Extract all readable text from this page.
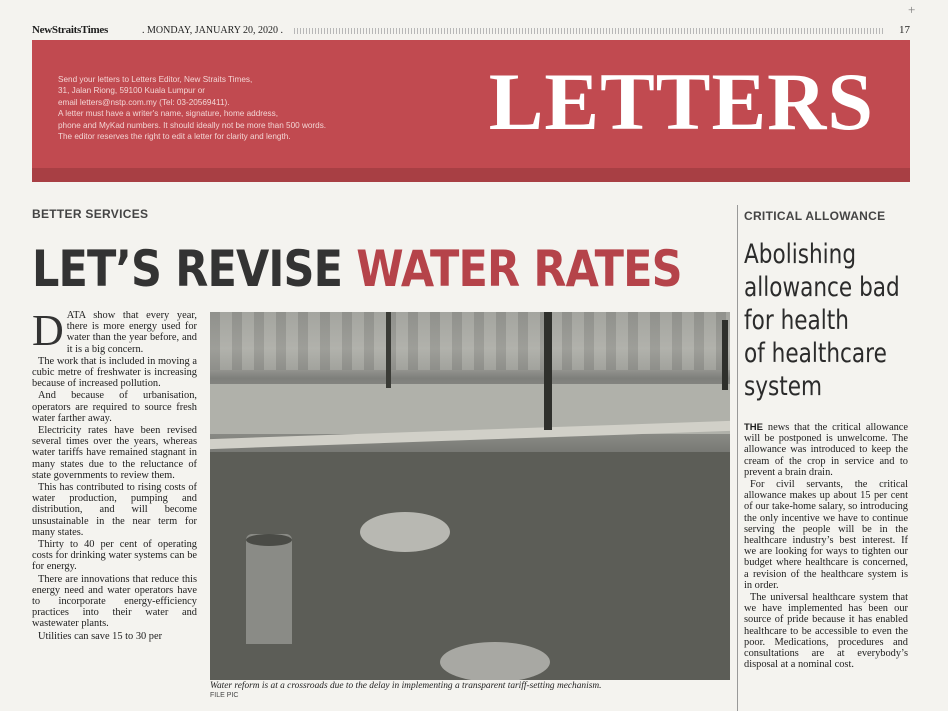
NewStraitsTimes	. MONDAY, JANUARY 20, 2020 .	17
+
Send your letters to Letters Editor, New Straits Times,
31, Jalan Riong, 59100 Kuala Lumpur or
email letters@nstp.com.my (Tel: 03-20569411).
A letter must have a writer's name, signature, home address,
phone and MyKad numbers. It should ideally not be more than 500 words.
The editor reserves the right to edit a letter for clarity and length.	LETTERS
BETTER SERVICES
LET’S REVISE WATER RATES

DATA show that every year, there is more energy used for water than the year before, and it is a big concern.

The work that is included in moving a cubic metre of freshwater is increasing because of increased pollution.

And because of urbanisation, operators are required to source fresh water farther away.

Electricity rates have been revised several times over the years, whereas water tariffs have remained stagnant in many states due to the reluctance of state governments to review them.

This has contributed to rising costs of water production, pumping and distribution, and will become unsustainable in the near term for many states.

Thirty to 40 per cent of operating costs for drinking water systems can be for energy.

There are innovations that reduce this energy need and water operators have to incorporate energy-efficiency practices into their water and wastewater plants.

Utilities can save 15 to 30 per

Water reform is at a crossroads due to the delay in implementing a transparent tariff-setting mechanism.
FILE PIC
CRITICAL ALLOWANCE
Abolishing
allowance bad
for health
of healthcare
system

THE news that the critical allowance will be postponed is unwelcome. The allowance was introduced to keep the cream of the crop in service and to prevent a brain drain.

For civil servants, the critical allowance makes up about 15 per cent of our take-home salary, so introducing the only incentive we have to continue serving the people will be in the healthcare industry’s best interest. If we are looking for ways to tighten our budget where healthcare is concerned, a revision of the healthcare system is in order.

The universal healthcare system that we have implemented has been our source of pride because it has enabled healthcare to be accessible to even the poor. Medications, procedures and consultations are at everybody’s disposal at a nominal cost.
